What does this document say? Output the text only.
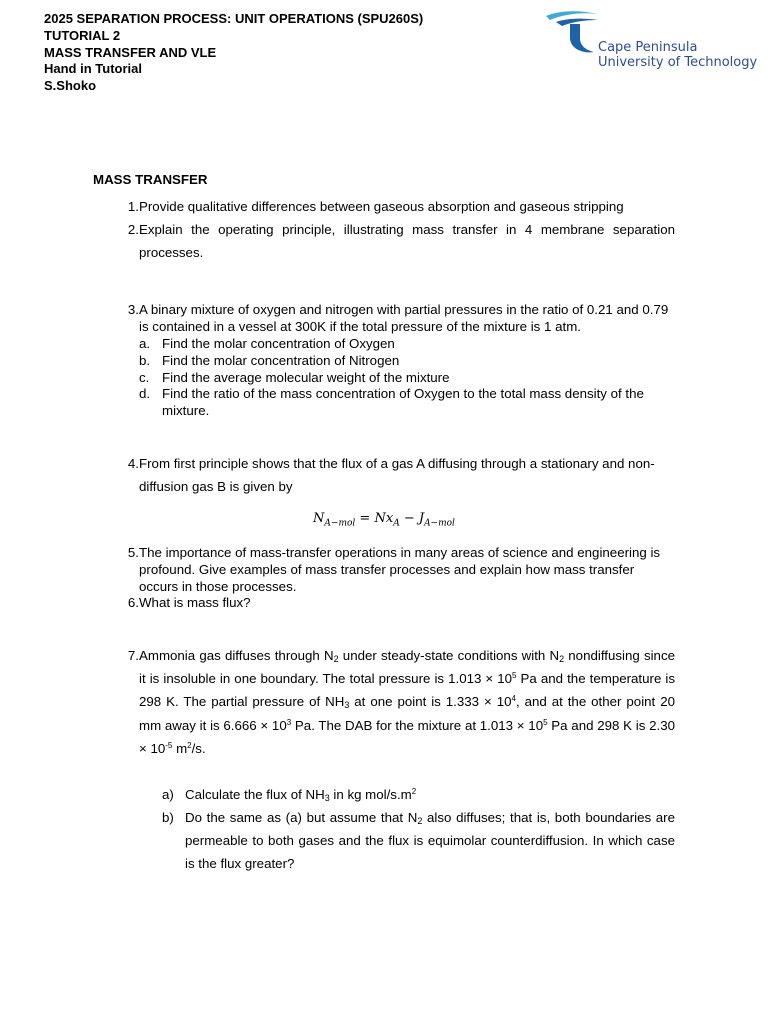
2025 SEPARATION PROCESS: UNIT OPERATIONS (SPU260S)
TUTORIAL 2
MASS TRANSFER AND VLE
Hand in Tutorial
S.Shoko
Cape Peninsula
University of Technology
MASS TRANSFER
1. Provide qualitative differences between gaseous absorption and gaseous stripping
2. Explain the operating principle, illustrating mass transfer in 4 membrane separation processes.
3. A binary mixture of oxygen and nitrogen with partial pressures in the ratio of 0.21 and 0.79 is contained in a vessel at 300K if the total pressure of the mixture is 1 atm.
a. Find the molar concentration of Oxygen
b. Find the molar concentration of Nitrogen
c. Find the average molecular weight of the mixture
d. Find the ratio of the mass concentration of Oxygen to the total mass density of the mixture.
4. From first principle shows that the flux of a gas A diffusing through a stationary and non-diffusion gas B is given by
$N_{A-mol} = Nx_A - J_{A-mol}$
5. The importance of mass-transfer operations in many areas of science and engineering is profound. Give examples of mass transfer processes and explain how mass transfer occurs in those processes.
6. What is mass flux?
7. Ammonia gas diffuses through N2 under steady-state conditions with N2 nondiffusing since it is insoluble in one boundary. The total pressure is $1.013 \times 10^5$ Pa and the temperature is 298 K. The partial pressure of NH3 at one point is $1.333 \times 10^4$, and at the other point 20 mm away it is $6.666 \times 10^3$ Pa. The DAB for the mixture at $1.013 \times 10^5$ Pa and 298 K is $2.30 \times 10^{-5}$ $m^2/s$.
a) Calculate the flux of NH3 in kg mol/$s.m^2$
b) Do the same as (a) but assume that N2 also diffuses; that is, both boundaries are permeable to both gases and the flux is equimolar counterdiffusion. In which case is the flux greater?
